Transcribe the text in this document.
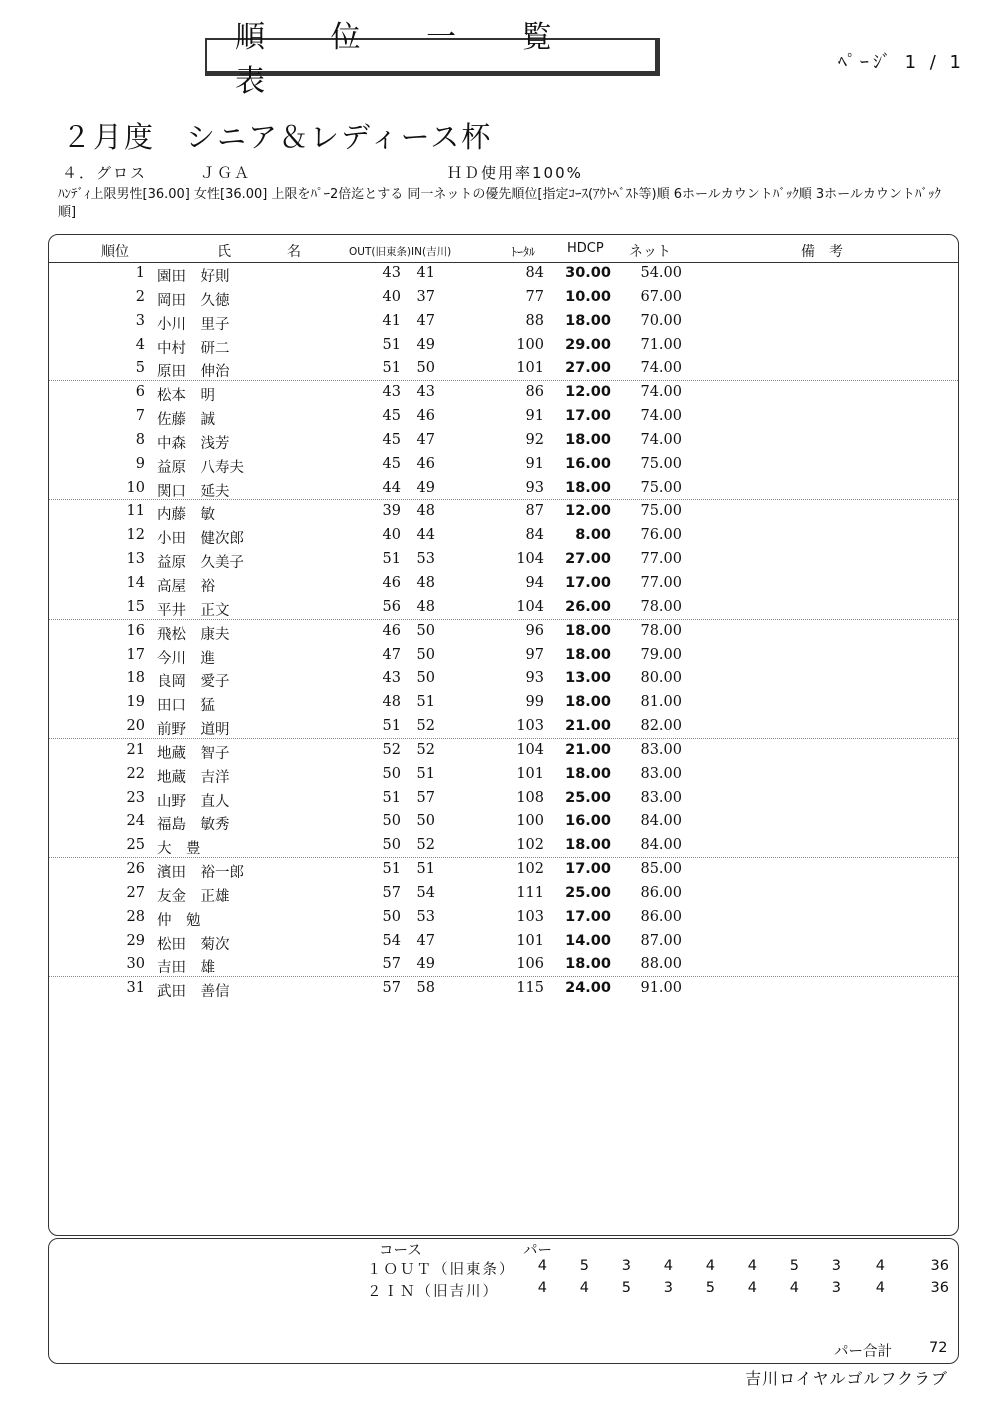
順 位 一 覧 表
ﾍﾟｰｼﾞ 1 / 1
２月度　シニア＆レディース杯
４．グロス	ＪＧＡ	ＨＤ使用率100%
ﾊﾝﾃﾞｨ上限男性[36.00] 女性[36.00] 上限をﾊﾟｰ2倍迄とする 同一ネットの優先順位[指定ｺｰｽ(ｱｳﾄﾍﾞｽﾄ等)順 6ホールカウントﾊﾞｯｸ順 3ホールカウントﾊﾞｯｸ順]
順位	氏	名	OUT(旧東条)IN(吉川)	ﾄｰﾀﾙ HDCP ネット	備　考
1 園田　好則	43	41	84	30.00	54.00
2 岡田　久徳	40	37	77	10.00	67.00
3 小川　里子	41	47	88	18.00	70.00
4 中村　研二	51	49	100	29.00	71.00
5 原田　伸治	51	50	101	27.00	74.00
6 松本　明	43	43	86	12.00	74.00
7 佐藤　誠	45	46	91	17.00	74.00
8 中森　浅芳	45	47	92	18.00	74.00
9 益原　八寿夫	45	46	91	16.00	75.00
10 関口　延夫	44	49	93	18.00	75.00
11 内藤　敏	39	48	87	12.00	75.00
12 小田　健次郎	40	44	84	8.00	76.00
13 益原　久美子	51	53	104	27.00	77.00
14 高屋　裕	46	48	94	17.00	77.00
15 平井　正文	56	48	104	26.00	78.00
16 飛松　康夫	46	50	96	18.00	78.00
17 今川　進	47	50	97	18.00	79.00
18 良岡　愛子	43	50	93	13.00	80.00
19 田口　猛	48	51	99	18.00	81.00
20 前野　道明	51	52	103	21.00	82.00
21 地蔵　智子	52	52	104	21.00	83.00
22 地蔵　吉洋	50	51	101	18.00	83.00
23 山野　直人	51	57	108	25.00	83.00
24 福島　敏秀	50	50	100	16.00	84.00
25 大　豊	50	52	102	18.00	84.00
26 濱田　裕一郎	51	51	102	17.00	85.00
27 友金　正雄	57	54	111	25.00	86.00
28 仲　勉	50	53	103	17.00	86.00
29 松田　菊次	54	47	101	14.00	87.00
30 吉田　雄	57	49	106	18.00	88.00
31 武田　善信	57	58	115	24.00	91.00
コース	パー
１ＯＵＴ（旧東条）	4	5	3	4	4	4	5	3	4	36
２ＩＮ（旧吉川）	4	4	5	3	5	4	4	3	4	36
パー合計	72
吉川ロイヤルゴルフクラブ
